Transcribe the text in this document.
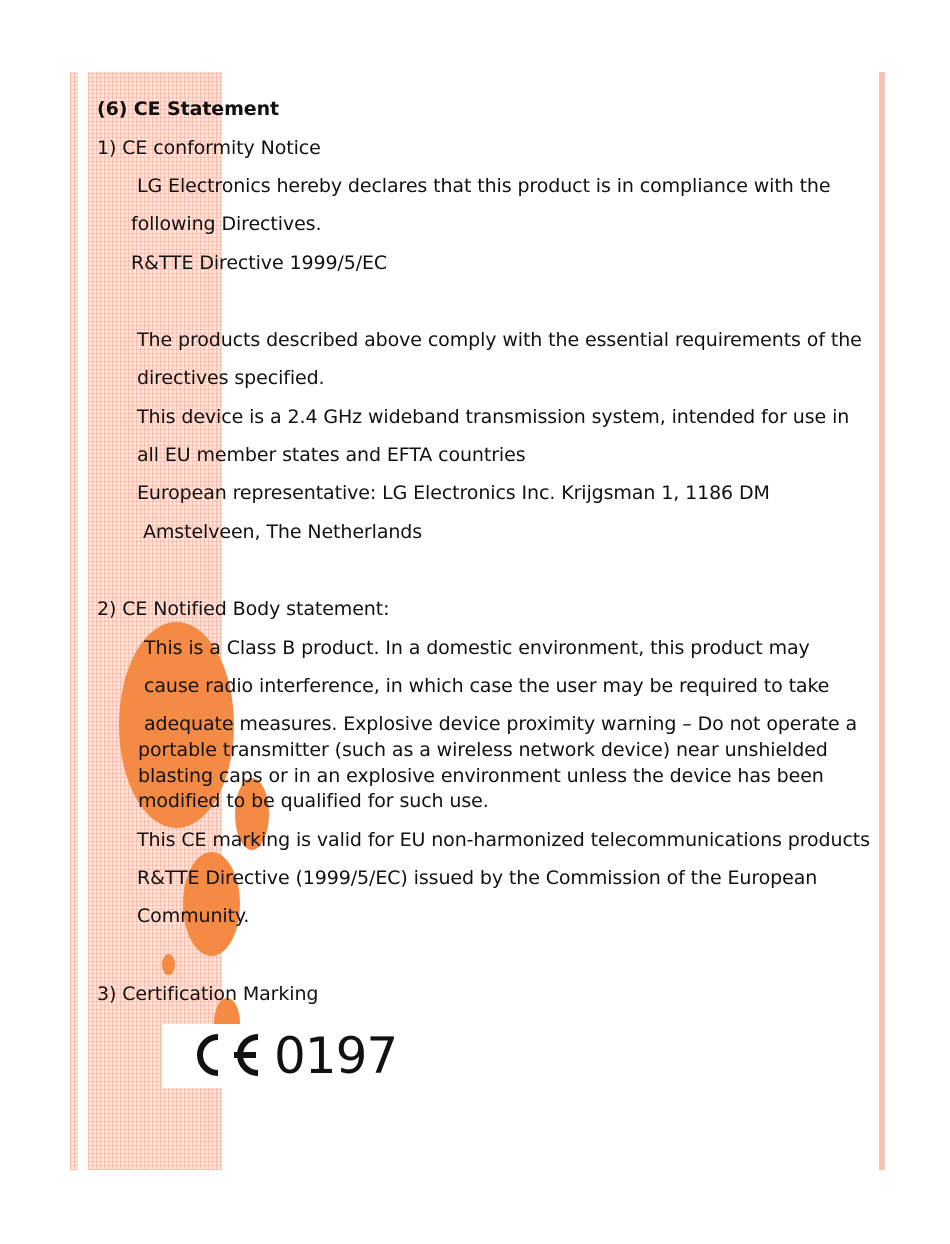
(6) CE Statement
1) CE conformity Notice
LG Electronics hereby declares that this product is in compliance with the
following Directives.
R&TTE Directive 1999/5/EC
The products described above comply with the essential requirements of the
directives specified.
This device is a 2.4 GHz wideband transmission system, intended for use in
all EU member states and EFTA countries
European representative: LG Electronics Inc. Krijgsman 1, 1186 DM
Amstelveen, The Netherlands
2) CE Notified Body statement:
This is a Class B product. In a domestic environment, this product may
cause radio interference, in which case the user may be required to take
adequate measures. Explosive device proximity warning – Do not operate a
portable transmitter (such as a wireless network device) near unshielded
blasting caps or in an explosive environment unless the device has been
modified to be qualified for such use.
This CE marking is valid for EU non-harmonized telecommunications products
R&TTE Directive (1999/5/EC) issued by the Commission of the European
Community.
3) Certification Marking
0197
